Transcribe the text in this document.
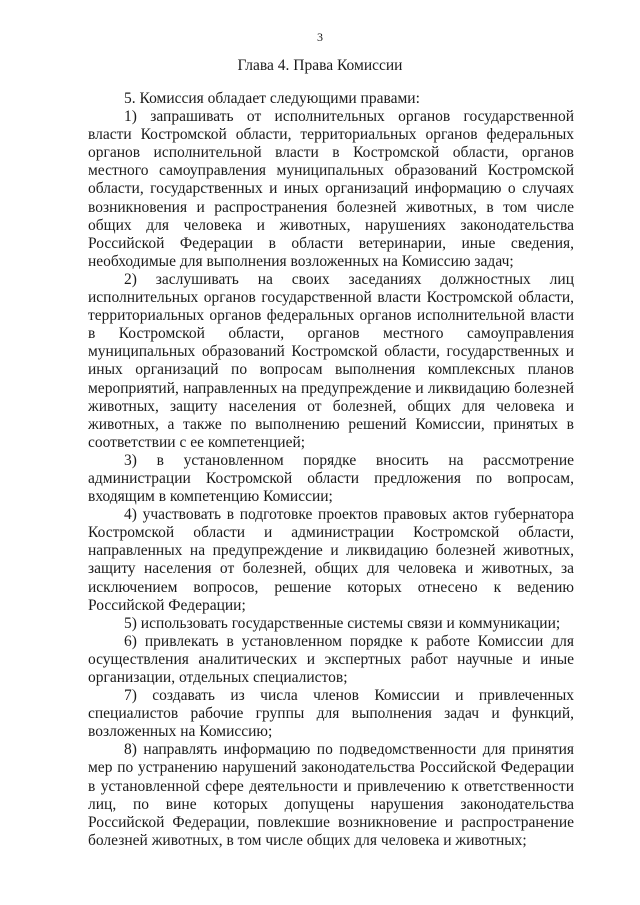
3
Глава 4. Права Комиссии

5. Комиссия обладает следующими правами:

1) запрашивать от исполнительных органов государственной власти Костромской области, территориальных органов федеральных органов исполнительной власти в Костромской области, органов местного самоуправления муниципальных образований Костромской области, государственных и иных организаций информацию о случаях возникновения и распространения болезней животных, в том числе общих для человека и животных, нарушениях законодательства Российской Федерации в области ветеринарии, иные сведения, необходимые для выполнения возложенных на Комиссию задач;

2) заслушивать на своих заседаниях должностных лиц исполнительных органов государственной власти Костромской области, территориальных органов федеральных органов исполнительной власти в Костромской области, органов местного самоуправления муниципальных образований Костромской области, государственных и иных организаций по вопросам выполнения комплексных планов мероприятий, направленных на предупреждение и ликвидацию болезней животных, защиту населения от болезней, общих для человека и животных, а также по выполнению решений Комиссии, принятых в соответствии с ее компетенцией;

3) в установленном порядке вносить на рассмотрение администрации Костромской области предложения по вопросам, входящим в компетенцию Комиссии;

4) участвовать в подготовке проектов правовых актов губернатора Костромской области и администрации Костромской области, направленных на предупреждение и ликвидацию болезней животных, защиту населения от болезней, общих для человека и животных, за исключением вопросов, решение которых отнесено к ведению Российской Федерации;

5) использовать государственные системы связи и коммуникации;

6) привлекать в установленном порядке к работе Комиссии для осуществления аналитических и экспертных работ научные и иные организации, отдельных специалистов;

7) создавать из числа членов Комиссии и привлеченных специалистов рабочие группы для выполнения задач и функций, возложенных на Комиссию;

8) направлять информацию по подведомственности для принятия мер по устранению нарушений законодательства Российской Федерации в установленной сфере деятельности и привлечению к ответственности лиц, по вине которых допущены нарушения законодательства Российской Федерации, повлекшие возникновение и распространение болезней животных, в том числе общих для человека и животных;
